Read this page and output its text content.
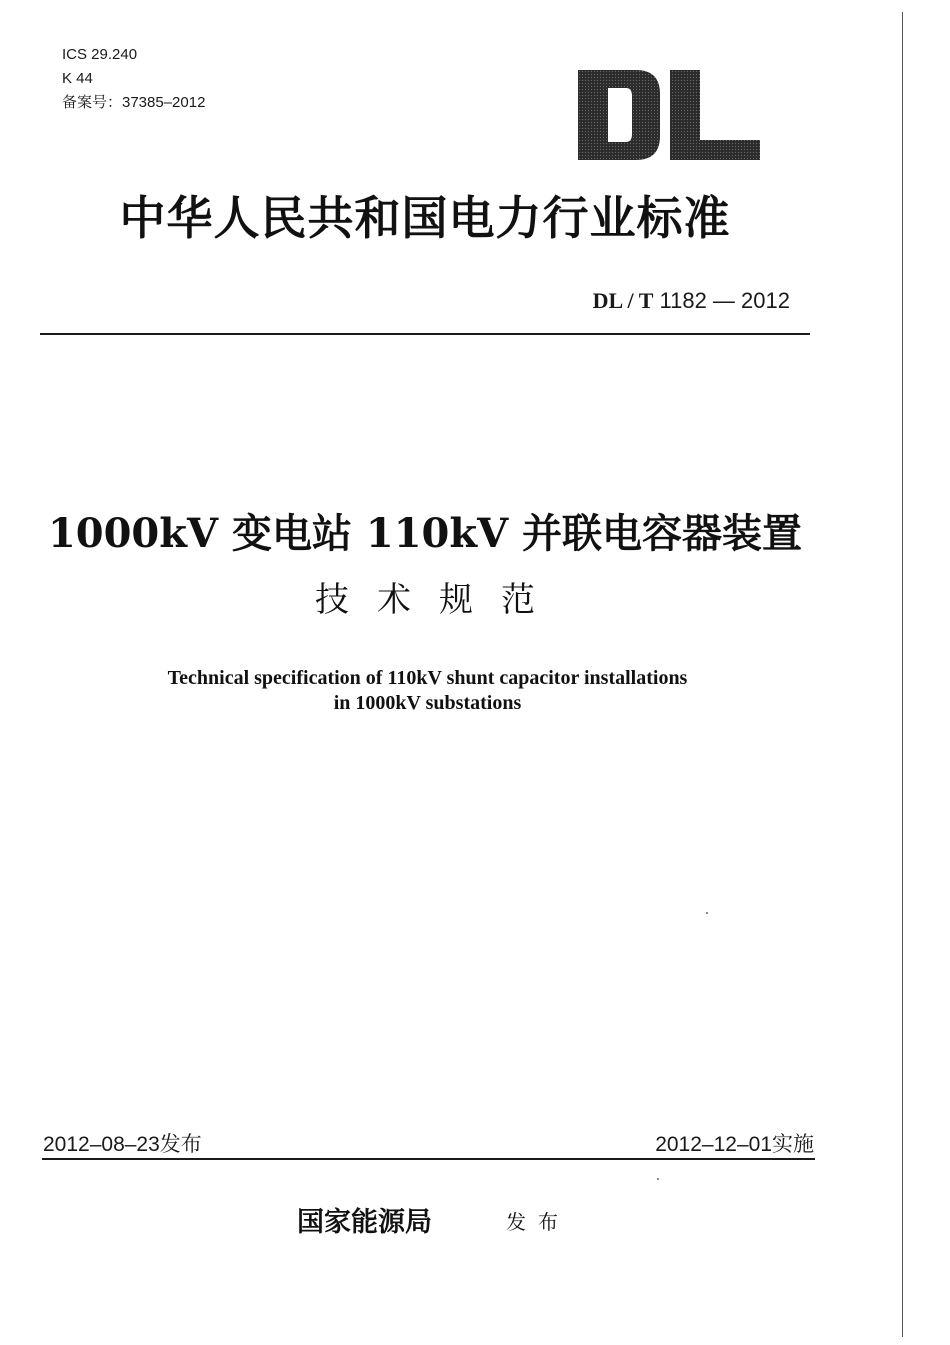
ICS 29.240
K 44
备案号：37385–2012
中华人民共和国电力行业标准
DL / T 1182 — 2012
1000kV 变电站 110kV 并联电容器装置
技术规范
Technical specification of 110kV shunt capacitor installations
in 1000kV substations
2012–08–23发布	2012–12–01实施
国家能源局	发布
